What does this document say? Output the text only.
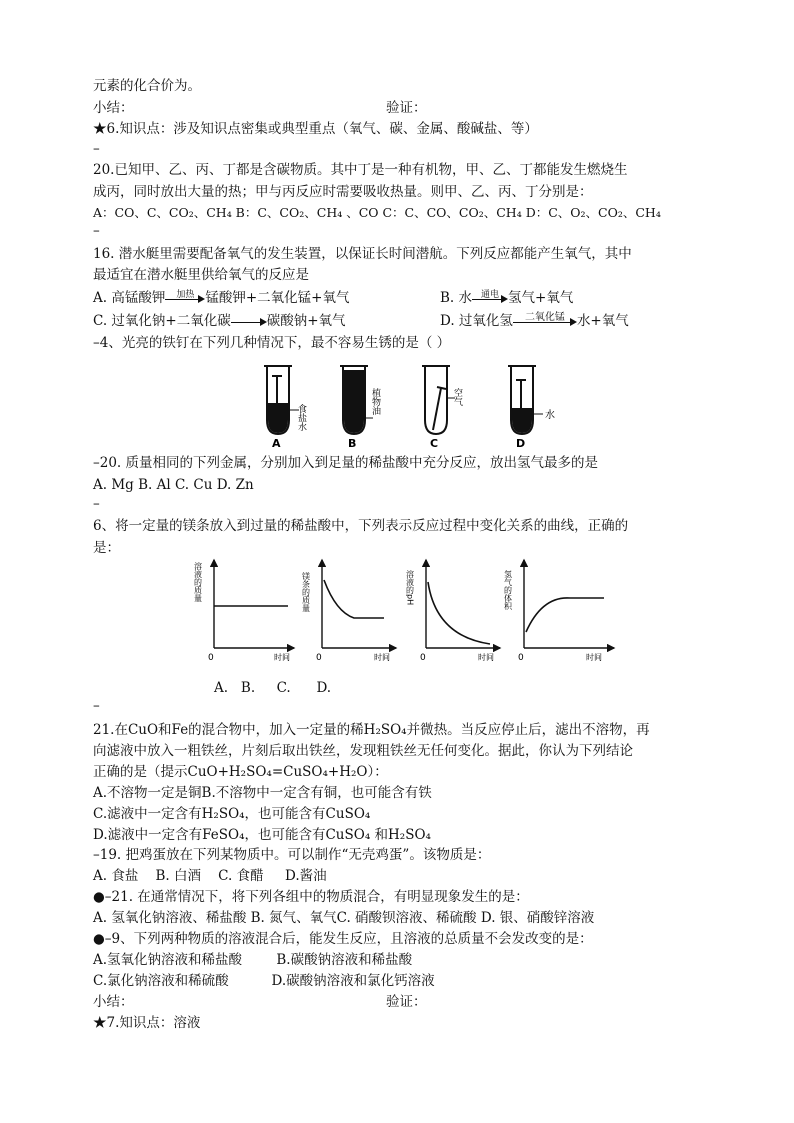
元素的化合价为。
小结：	验证：
★6.知识点：涉及知识点密集或典型重点（氧气、碳、金属、酸碱盐、等）
–
20.已知甲、乙、丙、丁都是含碳物质。其中丁是一种有机物，甲、乙、丁都能发生燃烧生
成丙，同时放出大量的热；甲与丙反应时需要吸收热量。则甲、乙、丙、丁分别是：
A：CO、C、CO₂、CH₄ B：C、CO₂、CH₄ 、CO C：C、CO、CO₂、CH₄ D：C、O₂、CO₂、CH₄
–
16. 潜水艇里需要配备氧气的发生装置，以保证长时间潜航。下列反应都能产生氧气，其中
最适宜在潜水艇里供给氧气的反应是
A. 高锰酸钾	加热 锰酸钾+二氧化锰+氧气	B. 水 通电 氢气+氧气
C. 过氧化钠+二氧化碳	碳酸钠+氧气	D. 过氧化氢	二氧化锰 水+氧气
–4、光亮的铁钉在下列几种情况下，最不容易生锈的是（ ）
食盐水
A
植物油
B
空气
C
水
D
–20. 质量相同的下列金属，分别加入到足量的稀盐酸中充分反应，放出氢气最多的是
A. Mg B. Al C. Cu D. Zn
–
6、将一定量的镁条放入到过量的稀盐酸中，下列表示反应过程中变化关系的曲线，正确的
是：
溶液的质量
0	时间
镁条的质量
0	时间
溶液的pH
0	时间
氢气的体积
0	时间
A.   B.     C.      D.
–
21.在CuO和Fe的混合物中，加入一定量的稀H₂SO₄并微热。当反应停止后，滤出不溶物，再
向滤液中放入一粗铁丝，片刻后取出铁丝，发现粗铁丝无任何变化。据此，你认为下列结论
正确的是（提示CuO+H₂SO₄=CuSO₄+H₂O）：
A.不溶物一定是铜B.不溶物中一定含有铜，也可能含有铁
C.滤液中一定含有H₂SO₄，也可能含有CuSO₄
D.滤液中一定含有FeSO₄，也可能含有CuSO₄ 和H₂SO₄
–19. 把鸡蛋放在下列某物质中。可以制作“无壳鸡蛋”。该物质是：
A. 食盐    B. 白酒    C. 食醋     D.酱油
●–21. 在通常情况下，将下列各组中的物质混合，有明显现象发生的是：
A. 氢氧化钠溶液、稀盐酸 B. 氮气、氧气C. 硝酸钡溶液、稀硫酸 D. 银、硝酸锌溶液
●–9、下列两种物质的溶液混合后，能发生反应，且溶液的总质量不会发改变的是：
A.氢氧化钠溶液和稀盐酸        B.碳酸钠溶液和稀盐酸
C.氯化钠溶液和稀硫酸          D.碳酸钠溶液和氯化钙溶液
小结：	验证：
★7.知识点：溶液
